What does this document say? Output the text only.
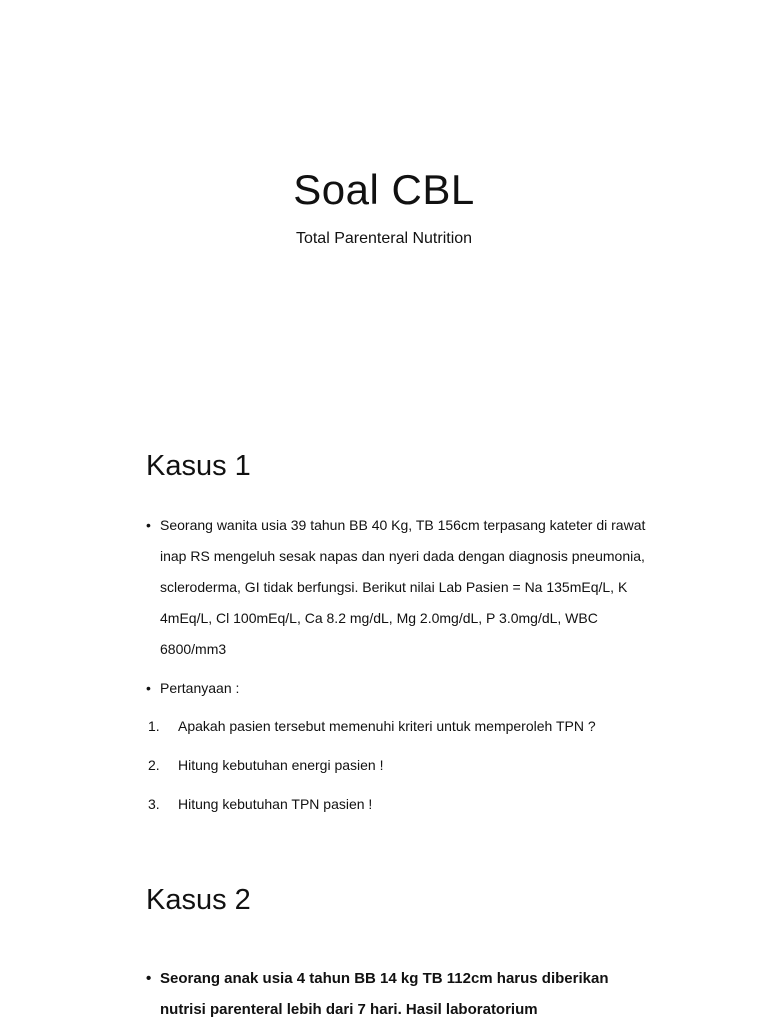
Soal CBL
Total Parenteral Nutrition
Kasus 1
• Seorang wanita usia 39 tahun BB 40 Kg, TB 156cm terpasang kateter di rawat inap RS mengeluh sesak napas dan nyeri dada dengan diagnosis pneumonia, scleroderma, GI tidak berfungsi. Berikut nilai Lab Pasien = Na 135mEq/L, K 4mEq/L, Cl 100mEq/L, Ca 8.2 mg/dL, Mg 2.0mg/dL, P 3.0mg/dL, WBC 6800/mm3
• Pertanyaan :
1. Apakah pasien tersebut memenuhi kriteri untuk memperoleh TPN ?
2. Hitung kebutuhan energi pasien !
3. Hitung kebutuhan TPN pasien !
Kasus 2
• Seorang anak usia 4 tahun BB 14 kg TB 112cm harus diberikan nutrisi parenteral lebih dari 7 hari. Hasil laboratorium
